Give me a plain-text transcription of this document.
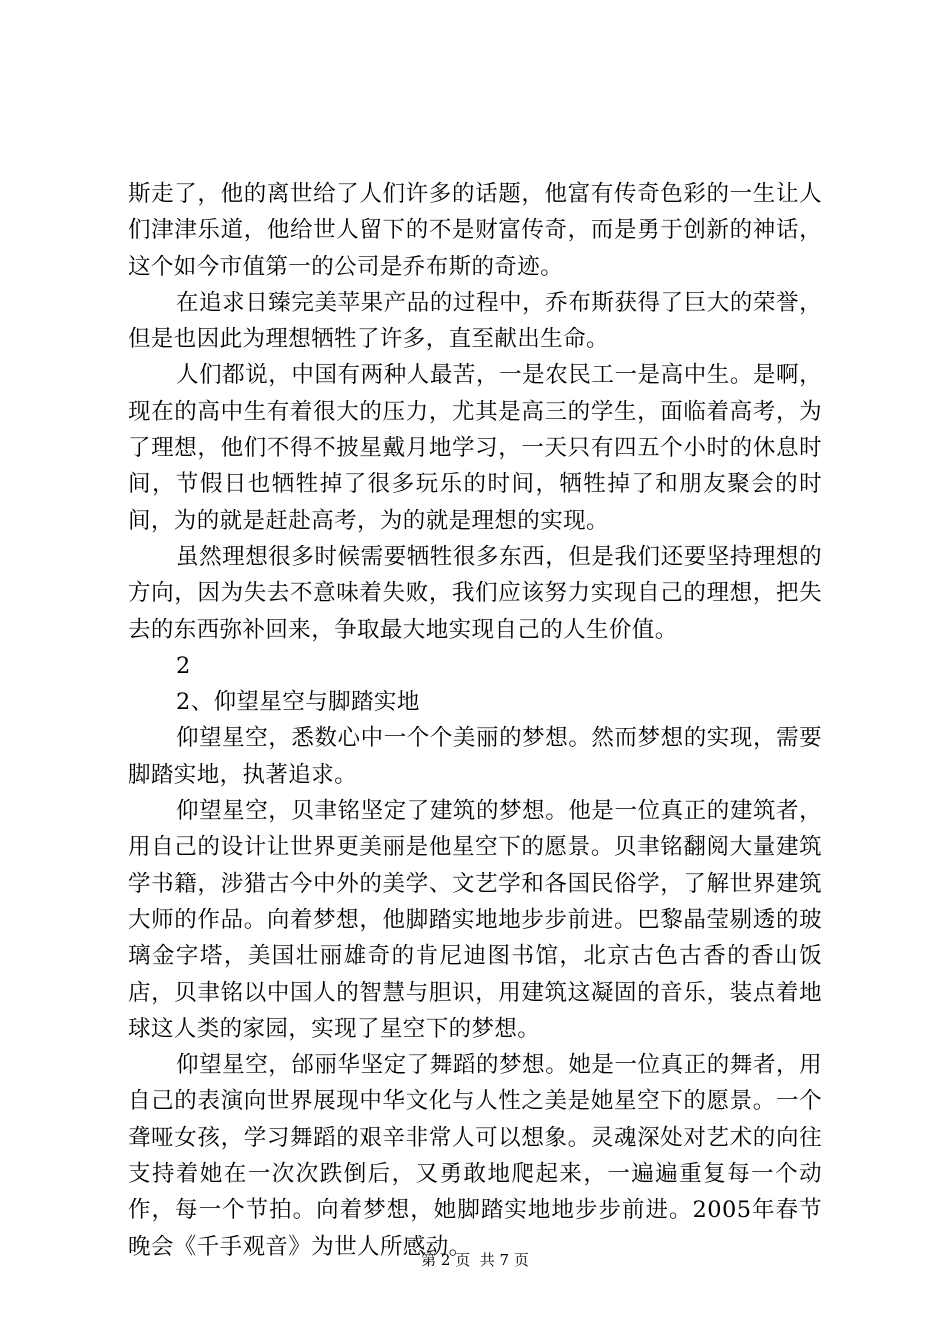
斯走了，他的离世给了人们许多的话题，他富有传奇色彩的一生让人们津津乐道，他给世人留下的不是财富传奇，而是勇于创新的神话，这个如今市值第一的公司是乔布斯的奇迹。

在追求日臻完美苹果产品的过程中，乔布斯获得了巨大的荣誉，但是也因此为理想牺牲了许多，直至献出生命。

人们都说，中国有两种人最苦，一是农民工一是高中生。是啊，现在的高中生有着很大的压力，尤其是高三的学生，面临着高考，为了理想，他们不得不披星戴月地学习，一天只有四五个小时的休息时间，节假日也牺牲掉了很多玩乐的时间，牺牲掉了和朋友聚会的时间，为的就是赶赴高考，为的就是理想的实现。

虽然理想很多时候需要牺牲很多东西，但是我们还要坚持理想的方向，因为失去不意味着失败，我们应该努力实现自己的理想，把失去的东西弥补回来，争取最大地实现自己的人生价值。

2

2、仰望星空与脚踏实地

仰望星空，悉数心中一个个美丽的梦想。然而梦想的实现，需要脚踏实地，执著追求。

仰望星空，贝聿铭坚定了建筑的梦想。他是一位真正的建筑者，用自己的设计让世界更美丽是他星空下的愿景。贝聿铭翻阅大量建筑学书籍，涉猎古今中外的美学、文艺学和各国民俗学，了解世界建筑大师的作品。向着梦想，他脚踏实地地步步前进。巴黎晶莹剔透的玻璃金字塔，美国壮丽雄奇的肯尼迪图书馆，北京古色古香的香山饭店，贝聿铭以中国人的智慧与胆识，用建筑这凝固的音乐，装点着地球这人类的家园，实现了星空下的梦想。

仰望星空，邰丽华坚定了舞蹈的梦想。她是一位真正的舞者，用自己的表演向世界展现中华文化与人性之美是她星空下的愿景。一个聋哑女孩，学习舞蹈的艰辛非常人可以想象。灵魂深处对艺术的向往支持着她在一次次跌倒后，又勇敢地爬起来，一遍遍重复每一个动作，每一个节拍。向着梦想，她脚踏实地地步步前进。2005年春节晚会《千手观音》为世人所感动。

第 2 页  共 7 页
